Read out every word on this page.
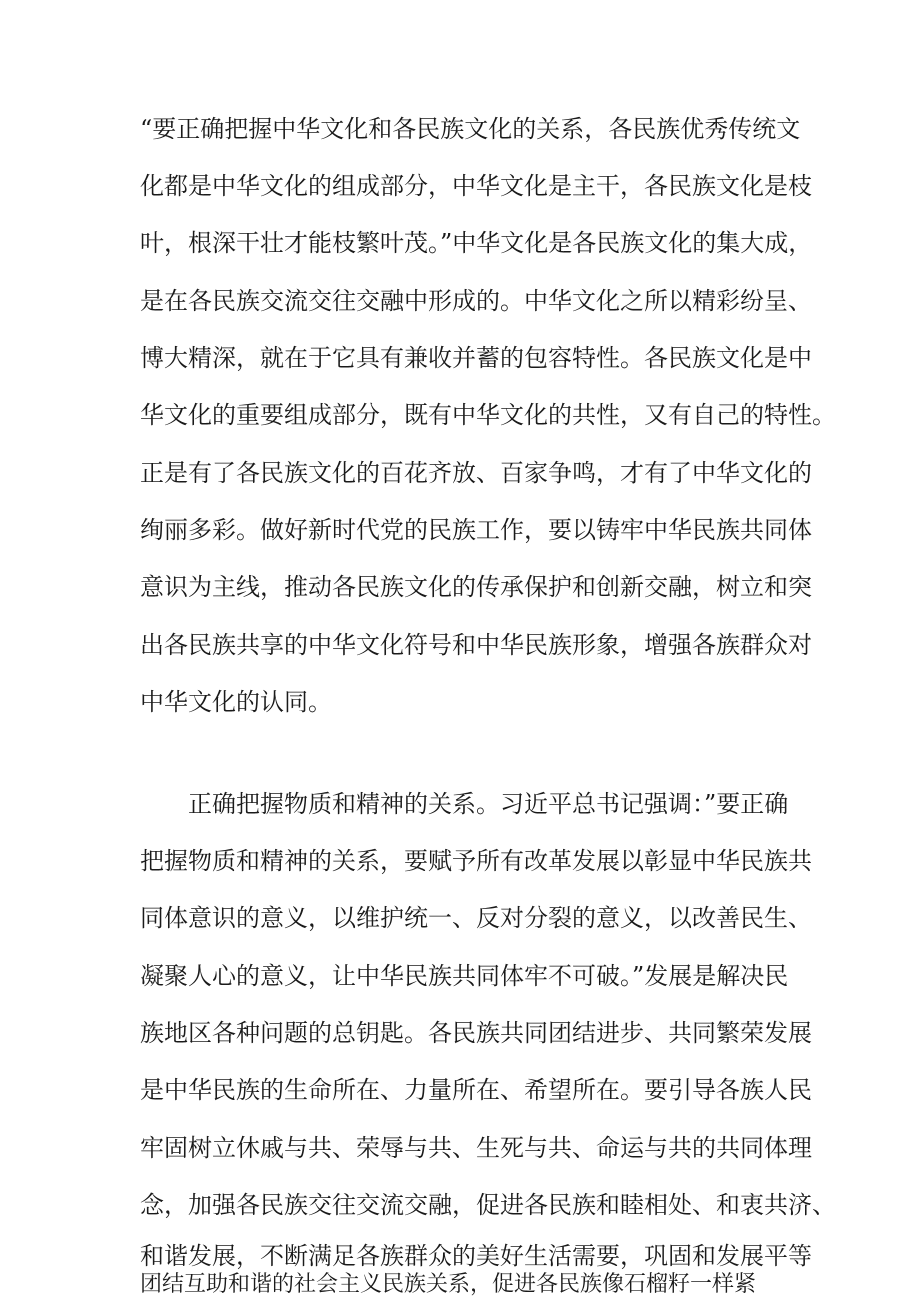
“要正确把握中华文化和各民族文化的关系，各民族优秀传统文
化都是中华文化的组成部分，中华文化是主干，各民族文化是枝
叶，根深干壮才能枝繁叶茂。”中华文化是各民族文化的集大成，
是在各民族交流交往交融中形成的。中华文化之所以精彩纷呈、
博大精深，就在于它具有兼收并蓄的包容特性。各民族文化是中
华文化的重要组成部分，既有中华文化的共性，又有自己的特性。
正是有了各民族文化的百花齐放、百家争鸣，才有了中华文化的
绚丽多彩。做好新时代党的民族工作，要以铸牢中华民族共同体
意识为主线，推动各民族文化的传承保护和创新交融，树立和突
出各民族共享的中华文化符号和中华民族形象，增强各族群众对
中华文化的认同。
正确把握物质和精神的关系。习近平总书记强调：”要正确
把握物质和精神的关系，要赋予所有改革发展以彰显中华民族共
同体意识的意义，以维护统一、反对分裂的意义，以改善民生、
凝聚人心的意义，让中华民族共同体牢不可破。”发展是解决民
族地区各种问题的总钥匙。各民族共同团结进步、共同繁荣发展
是中华民族的生命所在、力量所在、希望所在。要引导各族人民
牢固树立休戚与共、荣辱与共、生死与共、命运与共的共同体理
念，加强各民族交往交流交融，促进各民族和睦相处、和衷共济、
和谐发展，不断满足各族群众的美好生活需要，巩固和发展平等
团结互助和谐的社会主义民族关系，促进各民族像石榴籽一样紧
